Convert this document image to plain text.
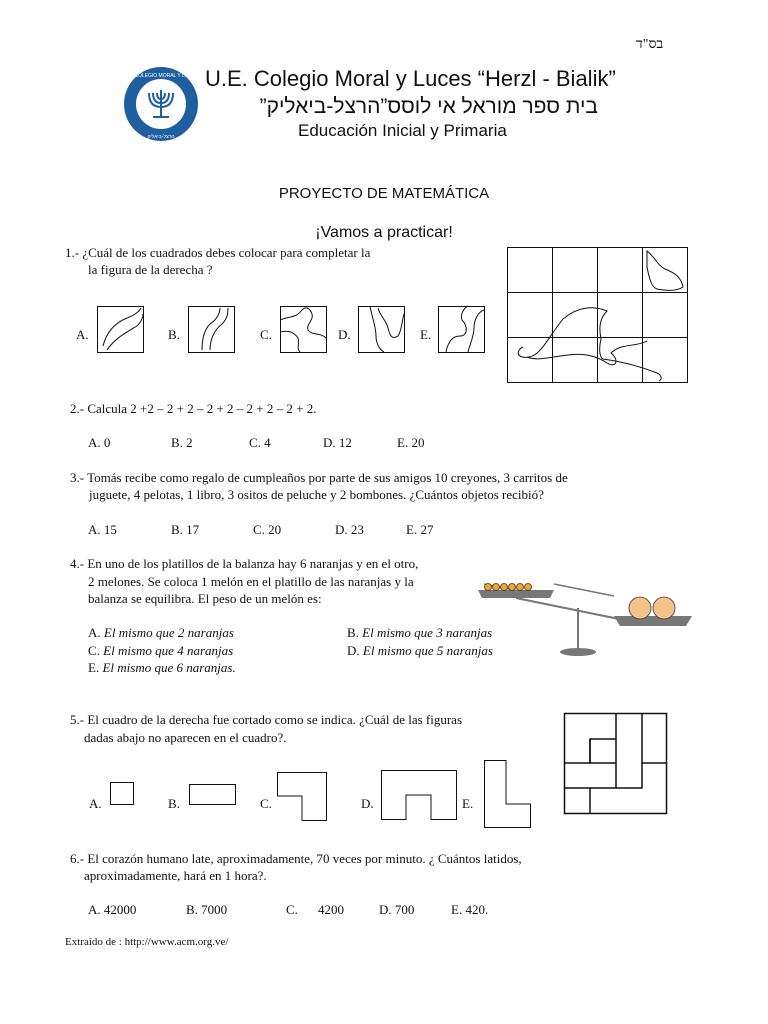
בס"ד
U.E. COLEGIO MORAL Y LUCES
הרצל-ביאליק
U.E. Colegio Moral y Luces “Herzl - Bialik”
בית ספר מוראל אי לוסס”הרצל-ביאליק”
Educación Inicial y Primaria
PROYECTO DE MATEMÁTICA
¡Vamos a practicar!
1.- ¿Cuál de los cuadrados debes colocar para completar la
la figura de la derecha ?
A.	B.	C.	D.	E.
2.- Calcula 2 +2 – 2 + 2 – 2 + 2 – 2 + 2 – 2 + 2.
A. 0	B. 2	C. 4	D. 12	E. 20
3.- Tomás recibe como regalo de cumpleaños por parte de sus amigos 10 creyones, 3 carritos de
juguete, 4 pelotas, 1 libro, 3 ositos de peluche y 2 bombones. ¿Cuántos objetos recibió?
A. 15	B. 17	C. 20	D. 23	E. 27
4.- En uno de los platillos de la balanza hay 6 naranjas y en el otro,
2 melones. Se coloca 1 melón en el platillo de las naranjas y la
balanza se equilibra. El peso de un melón es:
A. El mismo que 2 naranjas	B. El mismo que 3 naranjas
C. El mismo que 4 naranjas	D. El mismo que 5 naranjas
E. El mismo que 6 naranjas.
5.- El cuadro de la derecha fue cortado como se indica. ¿Cuál de las figuras
dadas abajo no aparecen en el cuadro?.
A.	B.	C.	D.	E.
6.- El corazón humano late, aproximadamente, 70 veces por minuto. ¿ Cuántos latidos,
aproximadamente, hará en 1 hora?.
A. 42000	B. 7000	C. 4200	D. 700	E. 420.
Extraído de : http://www.acm.org.ve/
